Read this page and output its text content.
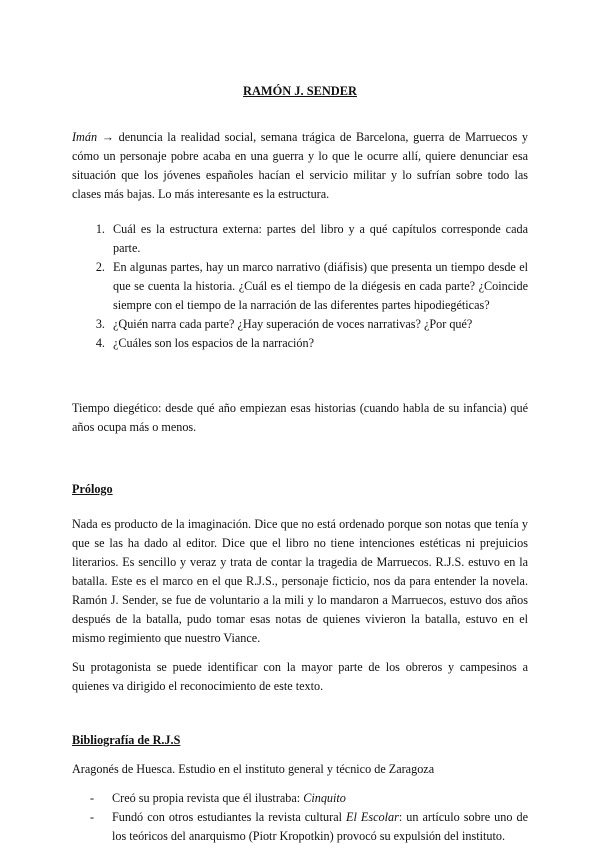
RAMÓN J. SENDER

Imán → denuncia la realidad social, semana trágica de Barcelona, guerra de Marruecos y cómo un personaje pobre acaba en una guerra y lo que le ocurre allí, quiere denunciar esa situación que los jóvenes españoles hacían el servicio militar y lo sufrían sobre todo las clases más bajas. Lo más interesante es la estructura.

1. Cuál es la estructura externa: partes del libro y a qué capítulos corresponde cada parte.
2. En algunas partes, hay un marco narrativo (diáfisis) que presenta un tiempo desde el que se cuenta la historia. ¿Cuál es el tiempo de la diégesis en cada parte? ¿Coincide siempre con el tiempo de la narración de las diferentes partes hipodiegéticas?
3. ¿Quién narra cada parte? ¿Hay superación de voces narrativas? ¿Por qué?
4. ¿Cuáles son los espacios de la narración?

Tiempo diegético: desde qué año empiezan esas historias (cuando habla de su infancia) qué años ocupa más o menos.

Prólogo

Nada es producto de la imaginación. Dice que no está ordenado porque son notas que tenía y que se las ha dado al editor. Dice que el libro no tiene intenciones estéticas ni prejuicios literarios. Es sencillo y veraz y trata de contar la tragedia de Marruecos. R.J.S. estuvo en la batalla. Este es el marco en el que R.J.S., personaje ficticio, nos da para entender la novela. Ramón J. Sender, se fue de voluntario a la mili y lo mandaron a Marruecos, estuvo dos años después de la batalla, pudo tomar esas notas de quienes vivieron la batalla, estuvo en el mismo regimiento que nuestro Viance.

Su protagonista se puede identificar con la mayor parte de los obreros y campesinos a quienes va dirigido el reconocimiento de este texto.

Bibliografía de R.J.S

Aragonés de Huesca. Estudio en el instituto general y técnico de Zaragoza

- Creó su propia revista que él ilustraba: Cinquito
- Fundó con otros estudiantes la revista cultural El Escolar: un artículo sobre uno de los teóricos del anarquismo (Piotr Kropotkin) provocó su expulsión del instituto.
